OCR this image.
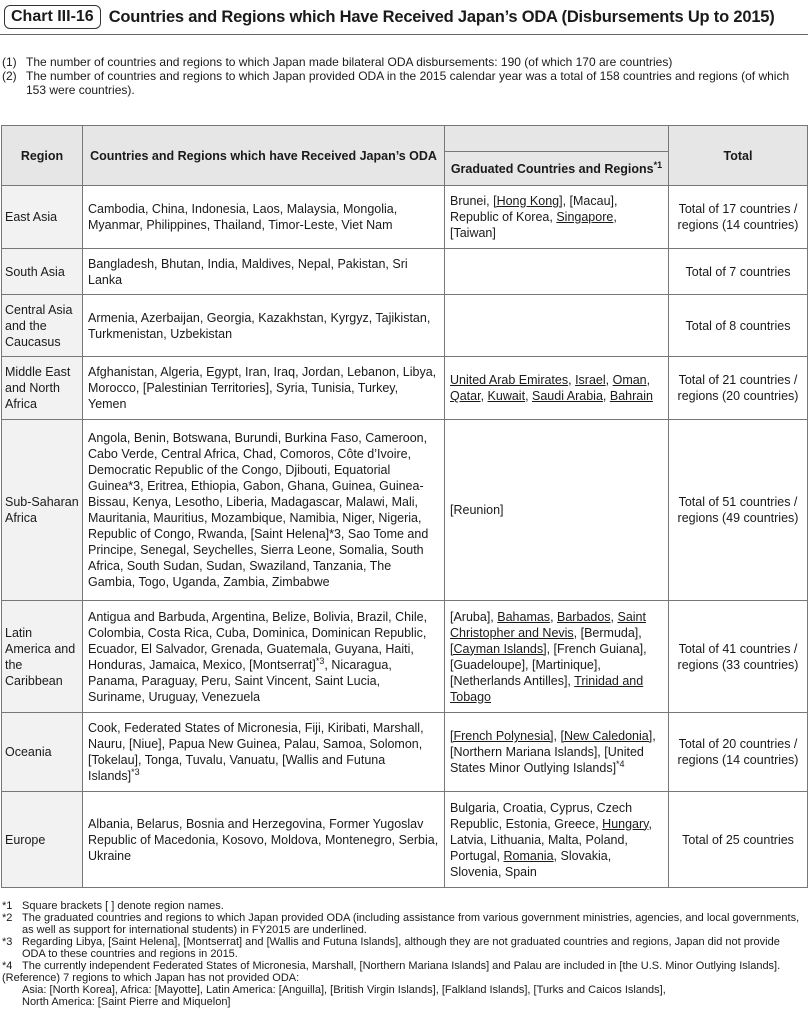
Chart III-16 Countries and Regions which Have Received Japan’s ODA (Disbursements Up to 2015)
(1) The number of countries and regions to which Japan made bilateral ODA disbursements: 190 (of which 170 are countries)
(2) The number of countries and regions to which Japan provided ODA in the 2015 calendar year was a total of 158 countries and regions (of which 153 were countries).
Region	Countries and Regions which have Received Japan’s ODA		Total
		Graduated Countries and Regions$^{*1}$
East Asia	Cambodia, China, Indonesia, Laos, Malaysia, Mongolia, Myanmar, Philippines, Thailand, Timor-Leste, Viet Nam	Brunei, [Hong Kong], [Macau], Republic of Korea, Singapore, [Taiwan]	Total of 17 countries / regions (14 countries)
South Asia	Bangladesh, Bhutan, India, Maldives, Nepal, Pakistan, Sri Lanka		Total of 7 countries
Central Asia and the Caucasus	Armenia, Azerbaijan, Georgia, Kazakhstan, Kyrgyz, Tajikistan, Turkmenistan, Uzbekistan		Total of 8 countries
Middle East and North Africa	Afghanistan, Algeria, Egypt, Iran, Iraq, Jordan, Lebanon, Libya, Morocco, [Palestinian Territories], Syria, Tunisia, Turkey, Yemen	United Arab Emirates, Israel, Oman, Qatar, Kuwait, Saudi Arabia, Bahrain	Total of 21 countries / regions (20 countries)
Sub-Saharan Africa	Angola, Benin, Botswana, Burundi, Burkina Faso, Cameroon, Cabo Verde, Central Africa, Chad, Comoros, Côte d’Ivoire, Democratic Republic of the Congo, Djibouti, Equatorial Guinea*3, Eritrea, Ethiopia, Gabon, Ghana, Guinea, Guinea-Bissau, Kenya, Lesotho, Liberia, Madagascar, Malawi, Mali, Mauritania, Mauritius, Mozambique, Namibia, Niger, Nigeria, Republic of Congo, Rwanda, [Saint Helena]*3, Sao Tome and Principe, Senegal, Seychelles, Sierra Leone, Somalia, South Africa, South Sudan, Sudan, Swaziland, Tanzania, The Gambia, Togo, Uganda, Zambia, Zimbabwe	[Reunion]	Total of 51 countries / regions (49 countries)
Latin America and the Caribbean	Antigua and Barbuda, Argentina, Belize, Bolivia, Brazil, Chile, Colombia, Costa Rica, Cuba, Dominica, Dominican Republic, Ecuador, El Salvador, Grenada, Guatemala, Guyana, Haiti, Honduras, Jamaica, Mexico, [Montserrat]$^{*3}$, Nicaragua, Panama, Paraguay, Peru, Saint Vincent, Saint Lucia, Suriname, Uruguay, Venezuela	[Aruba], Bahamas, Barbados, Saint Christopher and Nevis, [Bermuda], [Cayman Islands], [French Guiana], [Guadeloupe], [Martinique], [Netherlands Antilles], Trinidad and Tobago	Total of 41 countries / regions (33 countries)
Oceania	Cook, Federated States of Micronesia, Fiji, Kiribati, Marshall, Nauru, [Niue], Papua New Guinea, Palau, Samoa, Solomon, [Tokelau], Tonga, Tuvalu, Vanuatu, [Wallis and Futuna Islands]$^{*3}$	[French Polynesia], [New Caledonia], [Northern Mariana Islands], [United States Minor Outlying Islands]$^{*4}$	Total of 20 countries / regions (14 countries)
Europe	Albania, Belarus, Bosnia and Herzegovina, Former Yugoslav Republic of Macedonia, Kosovo, Moldova, Montenegro, Serbia, Ukraine	Bulgaria, Croatia, Cyprus, Czech Republic, Estonia, Greece, Hungary, Latvia, Lithuania, Malta, Poland, Portugal, Romania, Slovakia, Slovenia, Spain	Total of 25 countries
*1 Square brackets [ ] denote region names.
*2 The graduated countries and regions to which Japan provided ODA (including assistance from various government ministries, agencies, and local governments, as well as support for international students) in FY2015 are underlined.
*3 Regarding Libya, [Saint Helena], [Montserrat] and [Wallis and Futuna Islands], although they are not graduated countries and regions, Japan did not provide ODA to these countries and regions in 2015.
*4 The currently independent Federated States of Micronesia, Marshall, [Northern Mariana Islands] and Palau are included in [the U.S. Minor Outlying Islands].
(Reference) 7 regions to which Japan has not provided ODA:
Asia: [North Korea], Africa: [Mayotte], Latin America: [Anguilla], [British Virgin Islands], [Falkland Islands], [Turks and Caicos Islands],
North America: [Saint Pierre and Miquelon]
